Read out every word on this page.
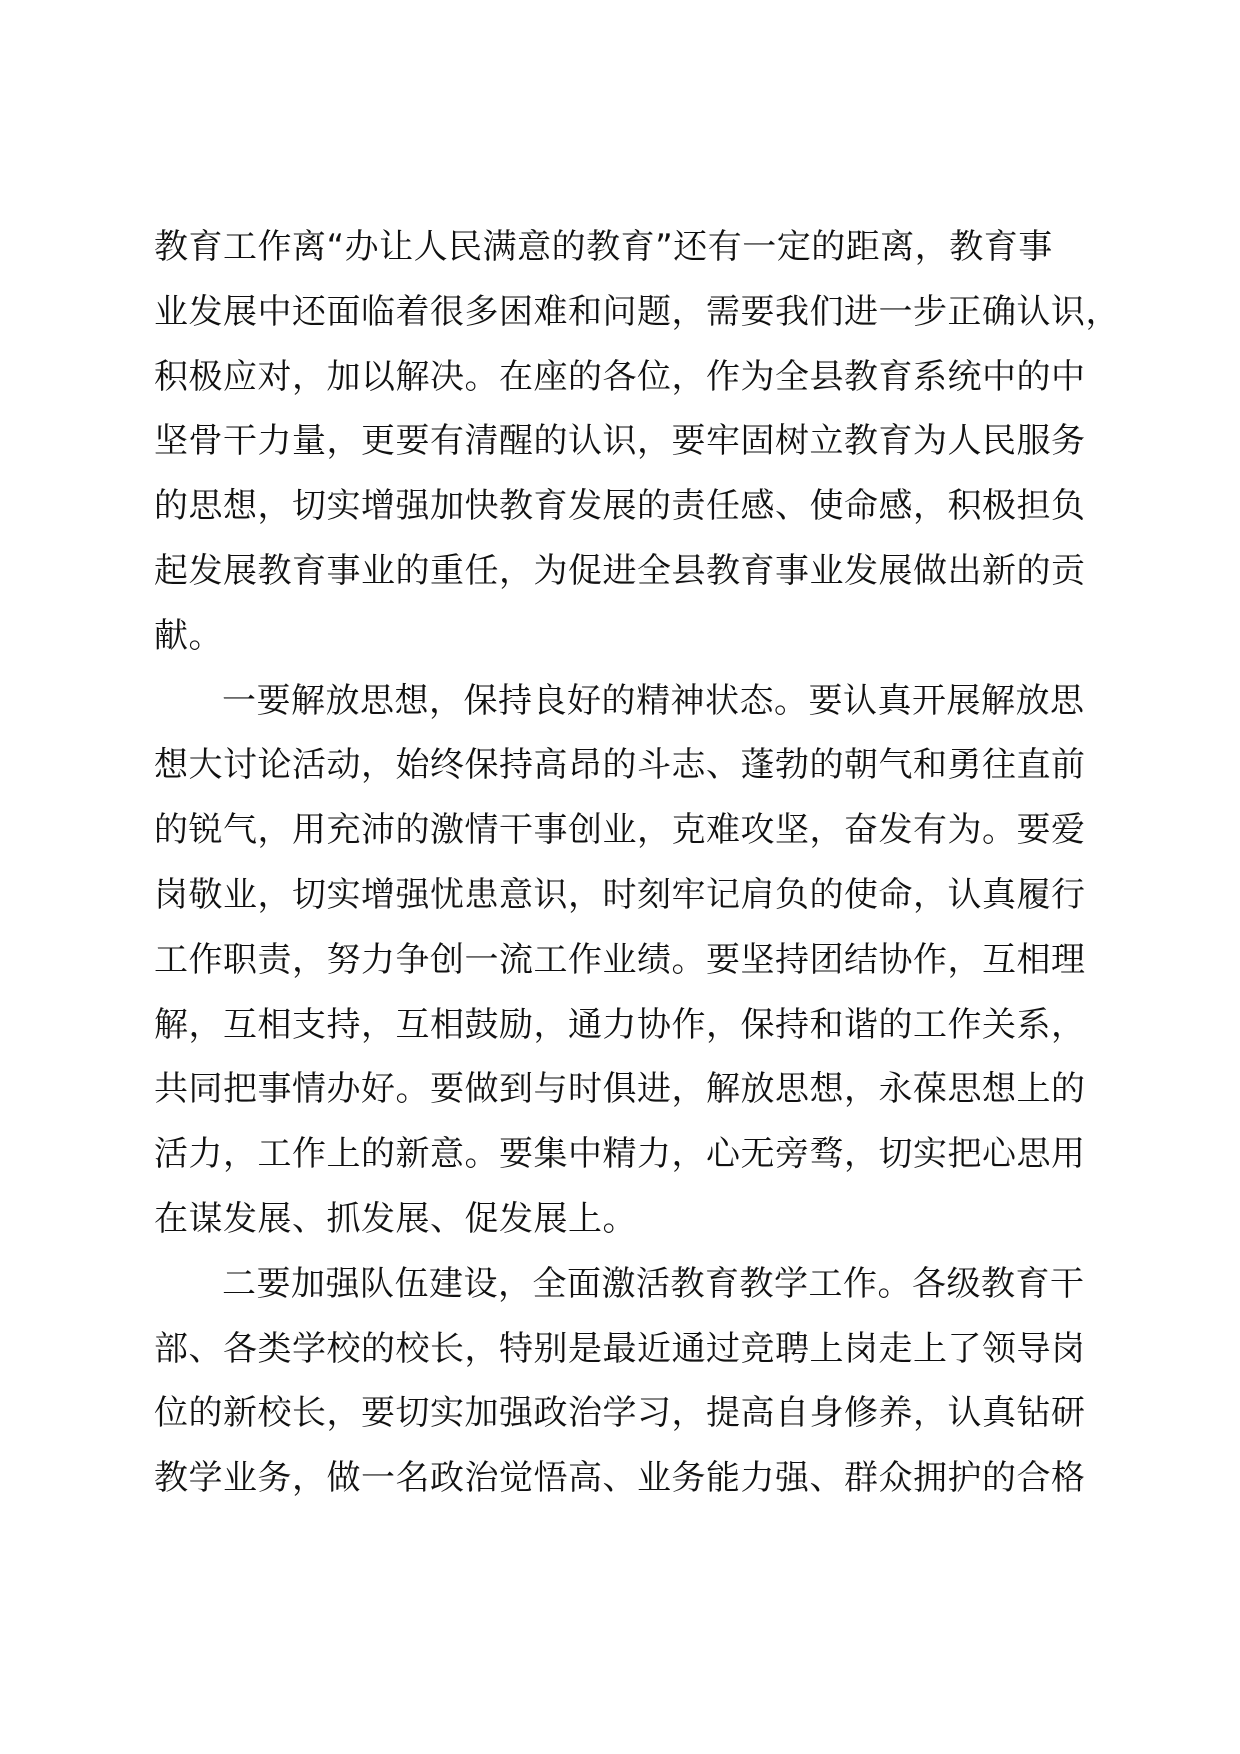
教育工作离“办让人民满意的教育”还有一定的距离，教育事
业发展中还面临着很多困难和问题，需要我们进一步正确认识，
积极应对，加以解决。在座的各位，作为全县教育系统中的中
坚骨干力量，更要有清醒的认识，要牢固树立教育为人民服务
的思想，切实增强加快教育发展的责任感、使命感，积极担负
起发展教育事业的重任，为促进全县教育事业发展做出新的贡
献。
一要解放思想，保持良好的精神状态。要认真开展解放思
想大讨论活动，始终保持高昂的斗志、蓬勃的朝气和勇往直前
的锐气，用充沛的激情干事创业，克难攻坚，奋发有为。要爱
岗敬业，切实增强忧患意识，时刻牢记肩负的使命，认真履行
工作职责，努力争创一流工作业绩。要坚持团结协作，互相理
解，互相支持，互相鼓励，通力协作，保持和谐的工作关系，
共同把事情办好。要做到与时俱进，解放思想，永葆思想上的
活力，工作上的新意。要集中精力，心无旁骛，切实把心思用
在谋发展、抓发展、促发展上。
二要加强队伍建设，全面激活教育教学工作。各级教育干
部、各类学校的校长，特别是最近通过竞聘上岗走上了领导岗
位的新校长，要切实加强政治学习，提高自身修养，认真钻研
教学业务，做一名政治觉悟高、业务能力强、群众拥护的合格
